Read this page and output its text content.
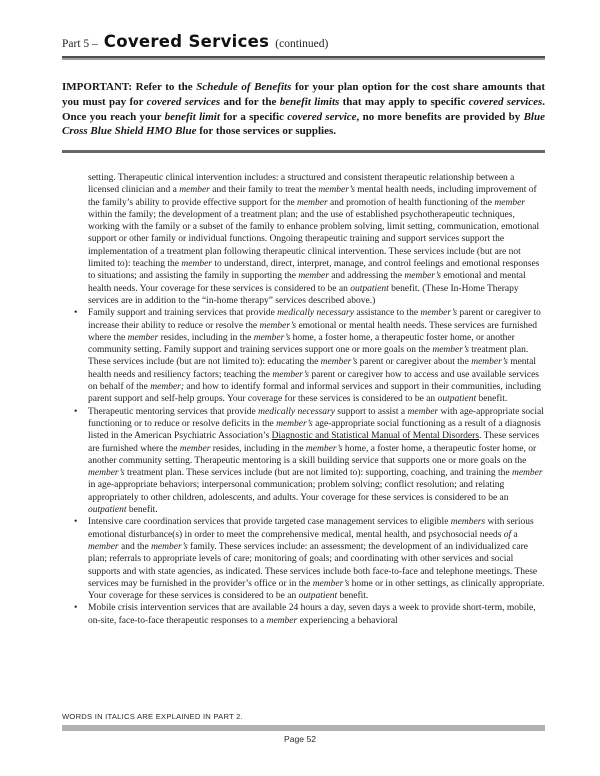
Part 5 – Covered Services (continued)
IMPORTANT: Refer to the Schedule of Benefits for your plan option for the cost share amounts that you must pay for covered services and for the benefit limits that may apply to specific covered services. Once you reach your benefit limit for a specific covered service, no more benefits are provided by Blue Cross Blue Shield HMO Blue for those services or supplies.
setting. Therapeutic clinical intervention includes: a structured and consistent therapeutic relationship between a licensed clinician and a member and their family to treat the member’s mental health needs, including improvement of the family’s ability to provide effective support for the member and promotion of health functioning of the member within the family; the development of a treatment plan; and the use of established psychotherapeutic techniques, working with the family or a subset of the family to enhance problem solving, limit setting, communication, emotional support or other family or individual functions. Ongoing therapeutic training and support services support the implementation of a treatment plan following therapeutic clinical intervention. These services include (but are not limited to): teaching the member to understand, direct, interpret, manage, and control feelings and emotional responses to situations; and assisting the family in supporting the member and addressing the member’s emotional and mental health needs. Your coverage for these services is considered to be an outpatient benefit. (These In-Home Therapy services are in addition to the “in-home therapy” services described above.)
• Family support and training services that provide medically necessary assistance to the member’s parent or caregiver to increase their ability to reduce or resolve the member’s emotional or mental health needs. These services are furnished where the member resides, including in the member’s home, a foster home, a therapeutic foster home, or another community setting. Family support and training services support one or more goals on the member’s treatment plan. These services include (but are not limited to): educating the member’s parent or caregiver about the member’s mental health needs and resiliency factors; teaching the member’s parent or caregiver how to access and use available services on behalf of the member; and how to identify formal and informal services and support in their communities, including parent support and self-help groups. Your coverage for these services is considered to be an outpatient benefit.
• Therapeutic mentoring services that provide medically necessary support to assist a member with age-appropriate social functioning or to reduce or resolve deficits in the member’s age-appropriate social functioning as a result of a diagnosis listed in the American Psychiatric Association’s Diagnostic and Statistical Manual of Mental Disorders. These services are furnished where the member resides, including in the member’s home, a foster home, a therapeutic foster home, or another community setting. Therapeutic mentoring is a skill building service that supports one or more goals on the member’s treatment plan. These services include (but are not limited to): supporting, coaching, and training the member in age-appropriate behaviors; interpersonal communication; problem solving; conflict resolution; and relating appropriately to other children, adolescents, and adults. Your coverage for these services is considered to be an outpatient benefit.
• Intensive care coordination services that provide targeted case management services to eligible members with serious emotional disturbance(s) in order to meet the comprehensive medical, mental health, and psychosocial needs of a member and the member’s family. These services include: an assessment; the development of an individualized care plan; referrals to appropriate levels of care; monitoring of goals; and coordinating with other services and social supports and with state agencies, as indicated. These services include both face-to-face and telephone meetings. These services may be furnished in the provider’s office or in the member’s home or in other settings, as clinically appropriate. Your coverage for these services is considered to be an outpatient benefit.
• Mobile crisis intervention services that are available 24 hours a day, seven days a week to provide short-term, mobile, on-site, face-to-face therapeutic responses to a member experiencing a behavioral
WORDS IN ITALICS ARE EXPLAINED IN PART 2.
Page 52
